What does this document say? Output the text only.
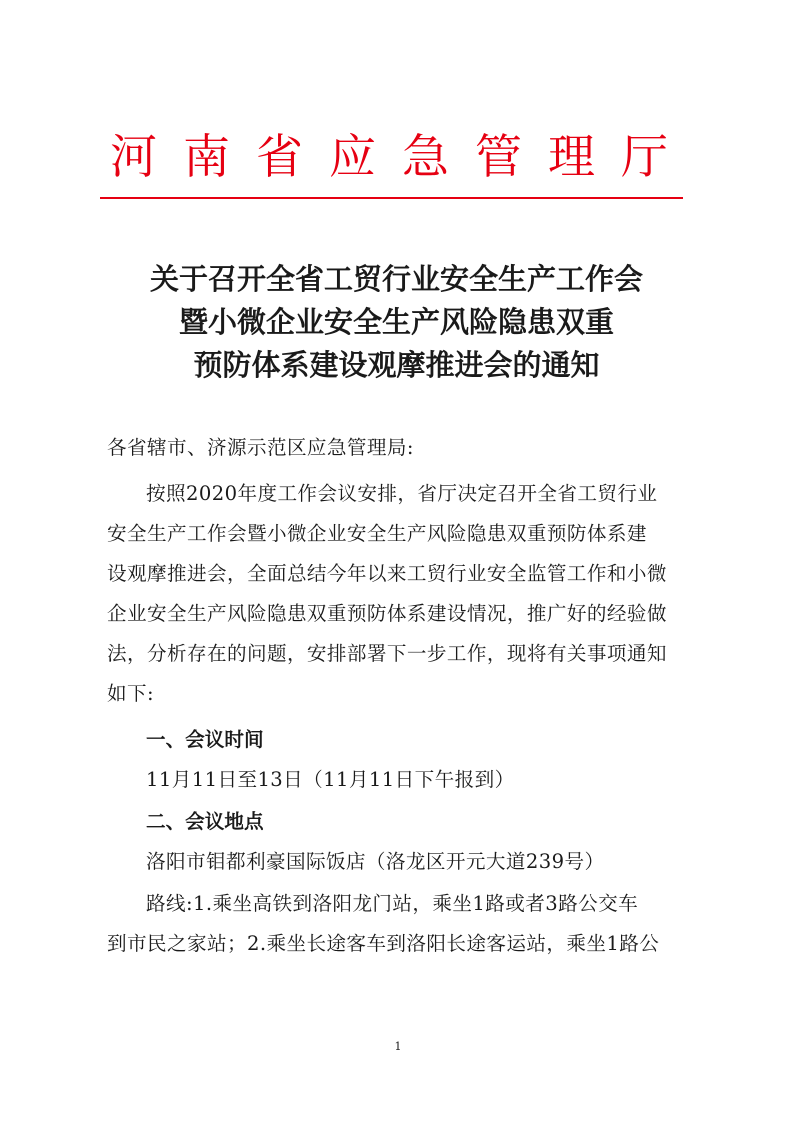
河南省应急管理厅
关于召开全省工贸行业安全生产工作会
暨小微企业安全生产风险隐患双重
预防体系建设观摩推进会的通知
各省辖市、济源示范区应急管理局:
按照2020年度工作会议安排，省厅决定召开全省工贸行业
安全生产工作会暨小微企业安全生产风险隐患双重预防体系建
设观摩推进会，全面总结今年以来工贸行业安全监管工作和小微
企业安全生产风险隐患双重预防体系建设情况，推广好的经验做
法，分析存在的问题，安排部署下一步工作，现将有关事项通知
如下:
一、会议时间
11月11日至13日（11月11日下午报到）
二、会议地点
洛阳市钼都利豪国际饭店（洛龙区开元大道239号）
路线:1.乘坐高铁到洛阳龙门站，乘坐1路或者3路公交车
到市民之家站；2.乘坐长途客车到洛阳长途客运站，乘坐1路公
1
